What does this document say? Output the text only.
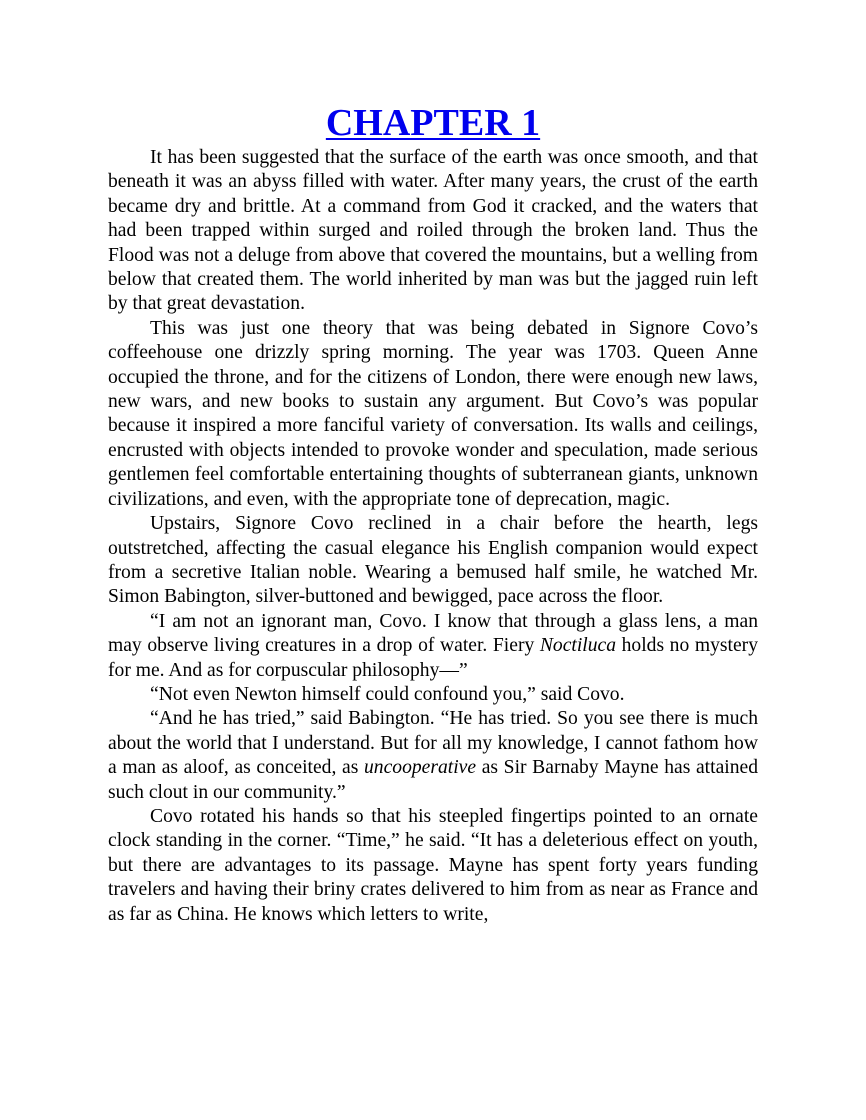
CHAPTER 1

It has been suggested that the surface of the earth was once smooth, and that beneath it was an abyss filled with water. After many years, the crust of the earth became dry and brittle. At a command from God it cracked, and the waters that had been trapped within surged and roiled through the broken land. Thus the Flood was not a deluge from above that covered the mountains, but a welling from below that created them. The world inherited by man was but the jagged ruin left by that great devastation.

This was just one theory that was being debated in Signore Covo’s coffeehouse one drizzly spring morning. The year was 1703. Queen Anne occupied the throne, and for the citizens of London, there were enough new laws, new wars, and new books to sustain any argument. But Covo’s was popular because it inspired a more fanciful variety of conversation. Its walls and ceilings, encrusted with objects intended to provoke wonder and speculation, made serious gentlemen feel comfortable entertaining thoughts of subterranean giants, unknown civilizations, and even, with the appropriate tone of deprecation, magic.

Upstairs, Signore Covo reclined in a chair before the hearth, legs outstretched, affecting the casual elegance his English companion would expect from a secretive Italian noble. Wearing a bemused half smile, he watched Mr. Simon Babington, silver-buttoned and bewigged, pace across the floor.

“I am not an ignorant man, Covo. I know that through a glass lens, a man may observe living creatures in a drop of water. Fiery Noctiluca holds no mystery for me. And as for corpuscular philosophy—”

“Not even Newton himself could confound you,” said Covo.

“And he has tried,” said Babington. “He has tried. So you see there is much about the world that I understand. But for all my knowledge, I cannot fathom how a man as aloof, as conceited, as uncooperative as Sir Barnaby Mayne has attained such clout in our community.”

Covo rotated his hands so that his steepled fingertips pointed to an ornate clock standing in the corner. “Time,” he said. “It has a deleterious effect on youth, but there are advantages to its passage. Mayne has spent forty years funding travelers and having their briny crates delivered to him from as near as France and as far as China. He knows which letters to write,
